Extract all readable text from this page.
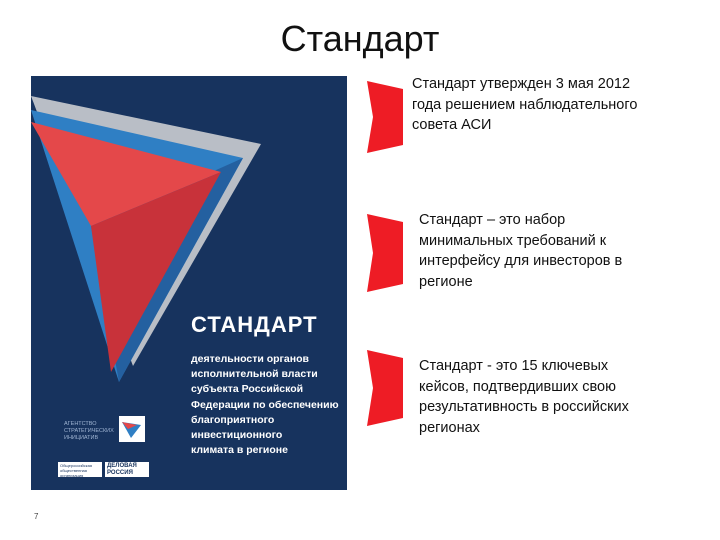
Стандарт
СТАНДАРТ
деятельности органов
исполнительной власти
субъекта Российской
Федерации по обеспечению
благоприятного
инвестиционного
климата в регионе
АГЕНТСТВО СТРАТЕГИЧЕСКИХ ИНИЦИАТИВ
Общероссийская общественная организация
ДЕЛОВАЯ РОССИЯ
Стандарт утвержден 3 мая 2012
года решением наблюдательного
совета АСИ
Стандарт – это набор
минимальных требований к
интерфейсу для инвесторов в
регионе
Стандарт - это 15 ключевых
кейсов, подтвердивших свою
результативность в российских
регионах
7
